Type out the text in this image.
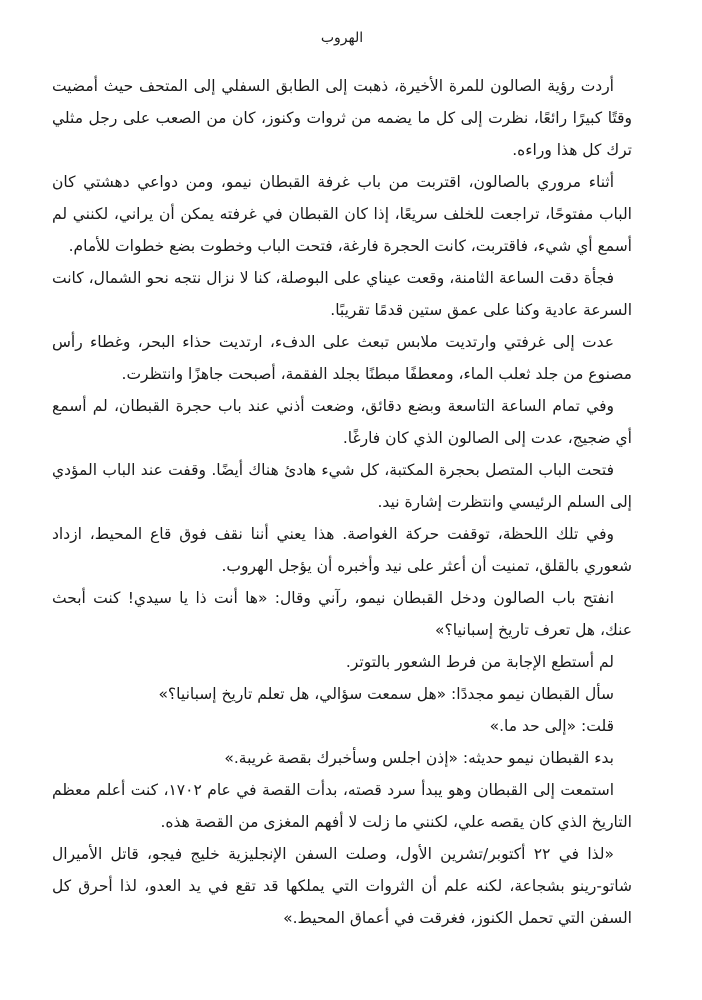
الهروب

أردت رؤية الصالون للمرة الأخيرة، ذهبت إلى الطابق السفلي إلى المتحف حيث أمضيت وقتًا كبيرًا رائعًا، نظرت إلى كل ما يضمه من ثروات وكنوز، كان من الصعب على رجل مثلي ترك كل هذا وراءه.

أثناء مروري بالصالون، اقتربت من باب غرفة القبطان نيمو، ومن دواعي دهشتي كان الباب مفتوحًا، تراجعت للخلف سريعًا، إذا كان القبطان في غرفته يمكن أن يراني، لكنني لم أسمع أي شيء، فاقتربت، كانت الحجرة فارغة، فتحت الباب وخطوت بضع خطوات للأمام.

فجأة دقت الساعة الثامنة، وقعت عيناي على البوصلة، كنا لا نزال نتجه نحو الشمال، كانت السرعة عادية وكنا على عمق ستين قدمًا تقريبًا.

عدت إلى غرفتي وارتديت ملابس تبعث على الدفء، ارتديت حذاء البحر، وغطاء رأس مصنوع من جلد ثعلب الماء، ومعطفًا مبطنًا بجلد الفقمة، أصبحت جاهزًا وانتظرت.

وفي تمام الساعة التاسعة وبضع دقائق، وضعت أذني عند باب حجرة القبطان، لم أسمع أي ضجيج، عدت إلى الصالون الذي كان فارغًا.

فتحت الباب المتصل بحجرة المكتبة، كل شيء هادئ هناك أيضًا. وقفت عند الباب المؤدي إلى السلم الرئيسي وانتظرت إشارة نيد.

وفي تلك اللحظة، توقفت حركة الغواصة. هذا يعني أننا نقف فوق قاع المحيط، ازداد شعوري بالقلق، تمنيت أن أعثر على نيد وأخبره أن يؤجل الهروب.

انفتح باب الصالون ودخل القبطان نيمو، رآني وقال: «ها أنت ذا يا سيدي! كنت أبحث عنك، هل تعرف تاريخ إسبانيا؟»

لم أستطع الإجابة من فرط الشعور بالتوتر.

سأل القبطان نيمو مجددًا: «هل سمعت سؤالي، هل تعلم تاريخ إسبانيا؟»

قلت: «إلى حد ما.»

بدء القبطان نيمو حديثه: «إذن اجلس وسأخبرك بقصة غريبة.»

استمعت إلى القبطان وهو يبدأ سرد قصته، بدأت القصة في عام ١٧٠٢، كنت أعلم معظم التاريخ الذي كان يقصه علي، لكنني ما زلت لا أفهم المغزى من القصة هذه.

«لذا في ٢٢ أكتوبر/تشرين الأول، وصلت السفن الإنجليزية خليج فيجو، قاتل الأميرال شاتو-رينو بشجاعة، لكنه علم أن الثروات التي يملكها قد تقع في يد العدو، لذا أحرق كل السفن التي تحمل الكنوز، فغرقت في أعماق المحيط.»
